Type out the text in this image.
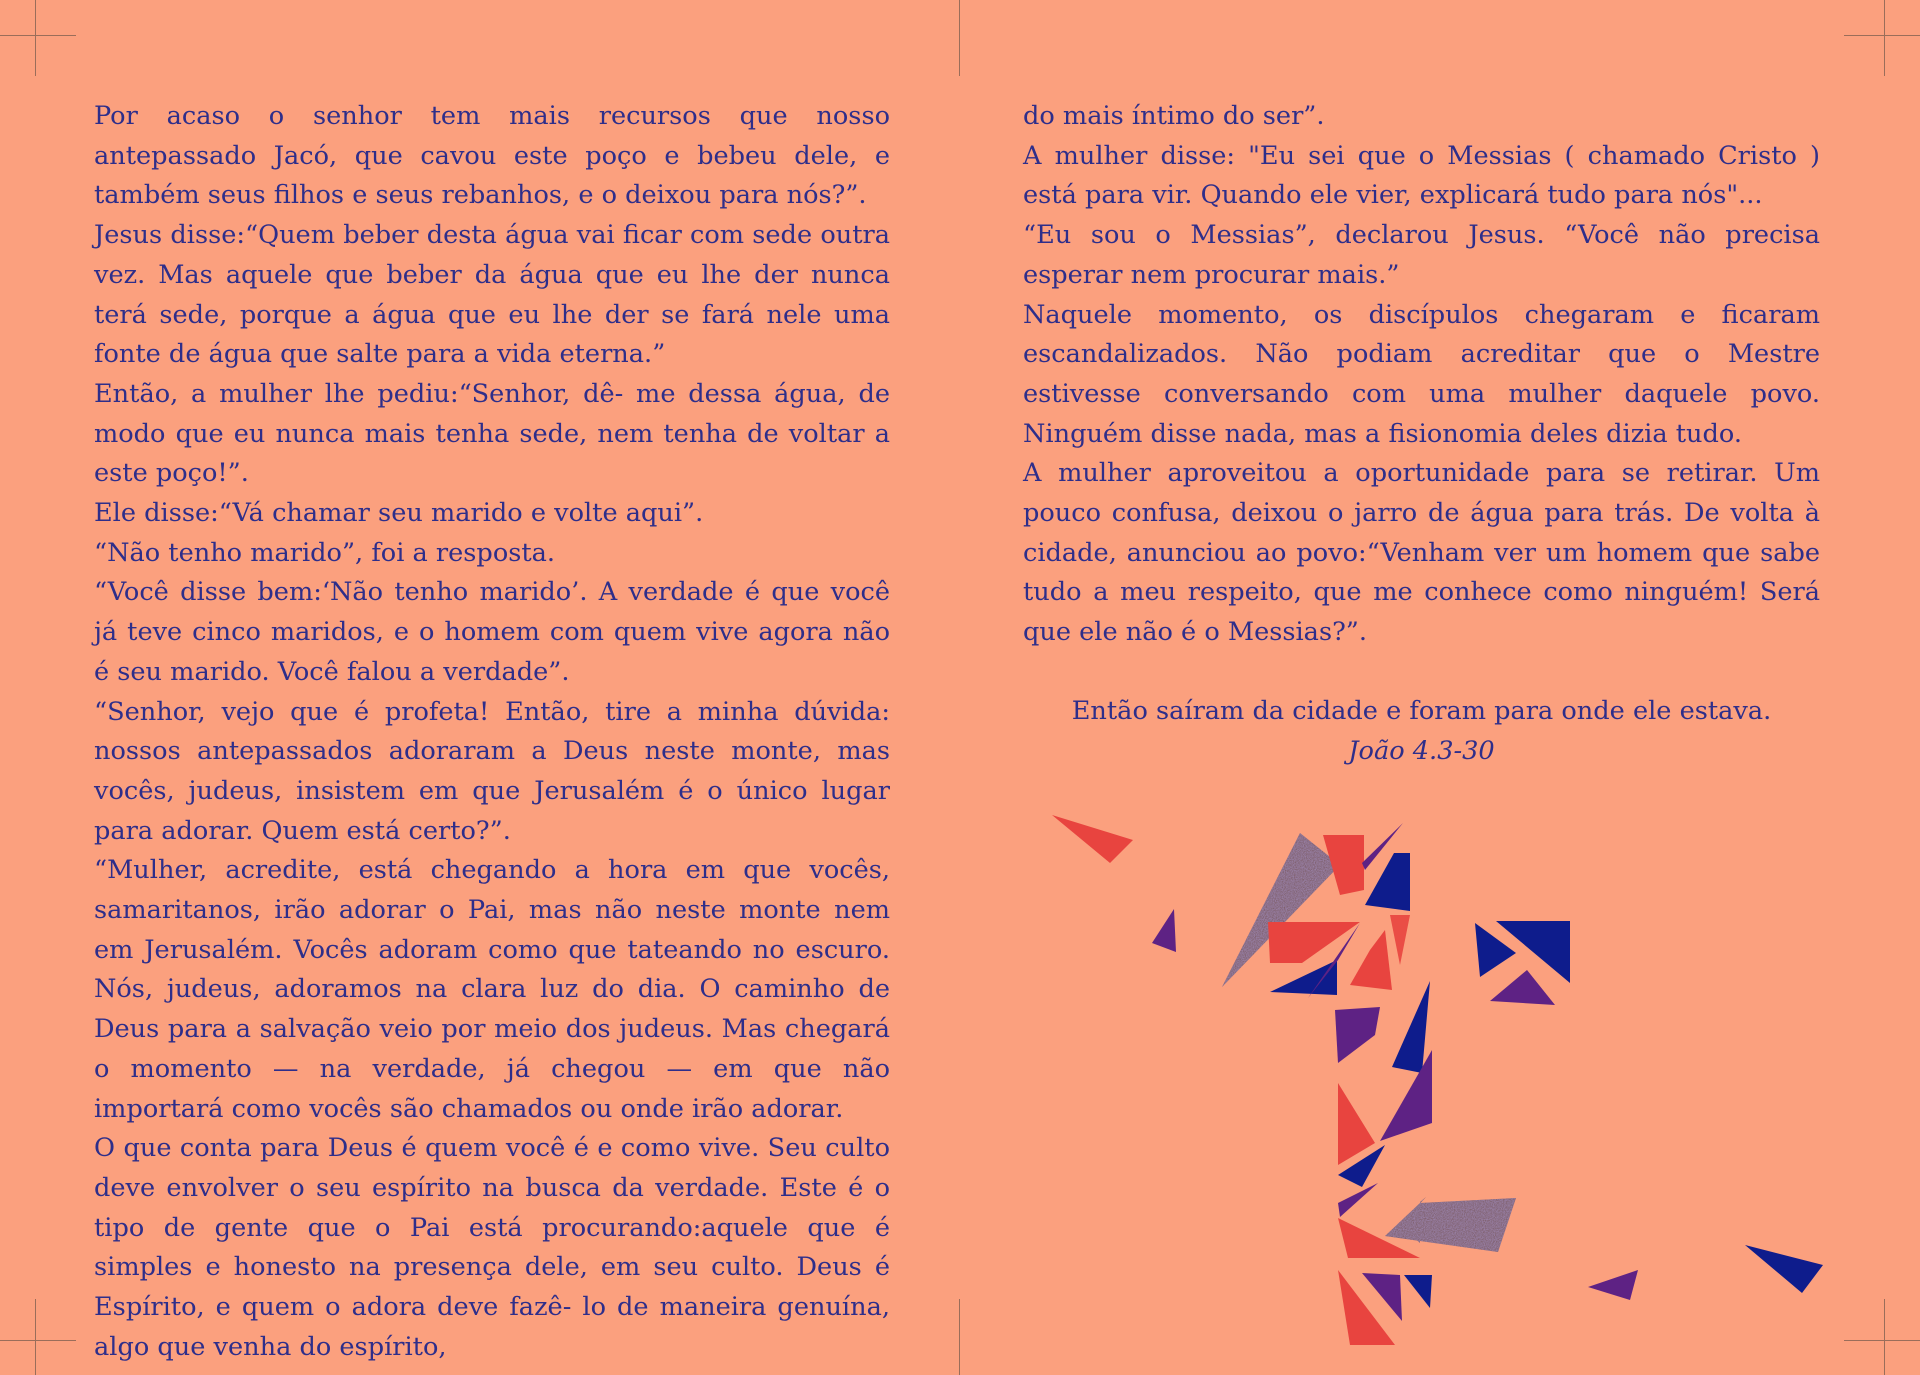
Por acaso o senhor tem mais recursos que nosso antepassado Jacó, que cavou este poço e bebeu dele, e também seus filhos e seus rebanhos, e o deixou para nós?”.

Jesus disse:“Quem beber desta água vai ficar com sede outra vez. Mas aquele que beber da água que eu lhe der nunca terá sede, porque a água que eu lhe der se fará nele uma fonte de água que salte para a vida eterna.”

Então, a mulher lhe pediu:“Senhor, dê- me dessa água, de modo que eu nunca mais tenha sede, nem tenha de voltar a este poço!”.

Ele disse:“Vá chamar seu marido e volte aqui”.

“Não tenho marido”, foi a resposta.

“Você disse bem:‘Não tenho marido’. A verdade é que você já teve cinco maridos, e o homem com quem vive agora não é seu marido. Você falou a verdade”.

“Senhor, vejo que é profeta! Então, tire a minha dúvida: nossos antepassados adoraram a Deus neste monte, mas vocês, judeus, insistem em que Jerusalém é o único lugar para adorar. Quem está certo?”.

“Mulher, acredite, está chegando a hora em que vocês, samaritanos, irão adorar o Pai, mas não neste monte nem em Jerusalém. Vocês adoram como que tateando no escuro. Nós, judeus, adoramos na clara luz do dia. O caminho de Deus para a salvação veio por meio dos judeus. Mas chegará o momento — na verdade, já chegou — em que não importará como vocês são chamados ou onde irão adorar.

O que conta para Deus é quem você é e como vive. Seu culto deve envolver o seu espírito na busca da verdade. Este é o tipo de gente que o Pai está procurando:aquele que é simples e honesto na presença dele, em seu culto. Deus é Espírito, e quem o adora deve fazê- lo de maneira genuína, algo que venha do espírito,

do mais íntimo do ser”.

A mulher disse: "Eu sei que o Messias ( chamado Cristo ) está para vir. Quando ele vier, explicará tudo para nós"...

“Eu sou o Messias”, declarou Jesus. “Você não precisa esperar nem procurar mais.”

Naquele momento, os discípulos chegaram e ficaram escandalizados. Não podiam acreditar que o Mestre estivesse conversando com uma mulher daquele povo. Ninguém disse nada, mas a fisionomia deles dizia tudo.

A mulher aproveitou a oportunidade para se retirar. Um pouco confusa, deixou o jarro de água para trás. De volta à cidade, anunciou ao povo:“Venham ver um homem que sabe tudo a meu respeito, que me conhece como ninguém! Será que ele não é o Messias?”.

Então saíram da cidade e foram para onde ele estava.
João 4.3-30
